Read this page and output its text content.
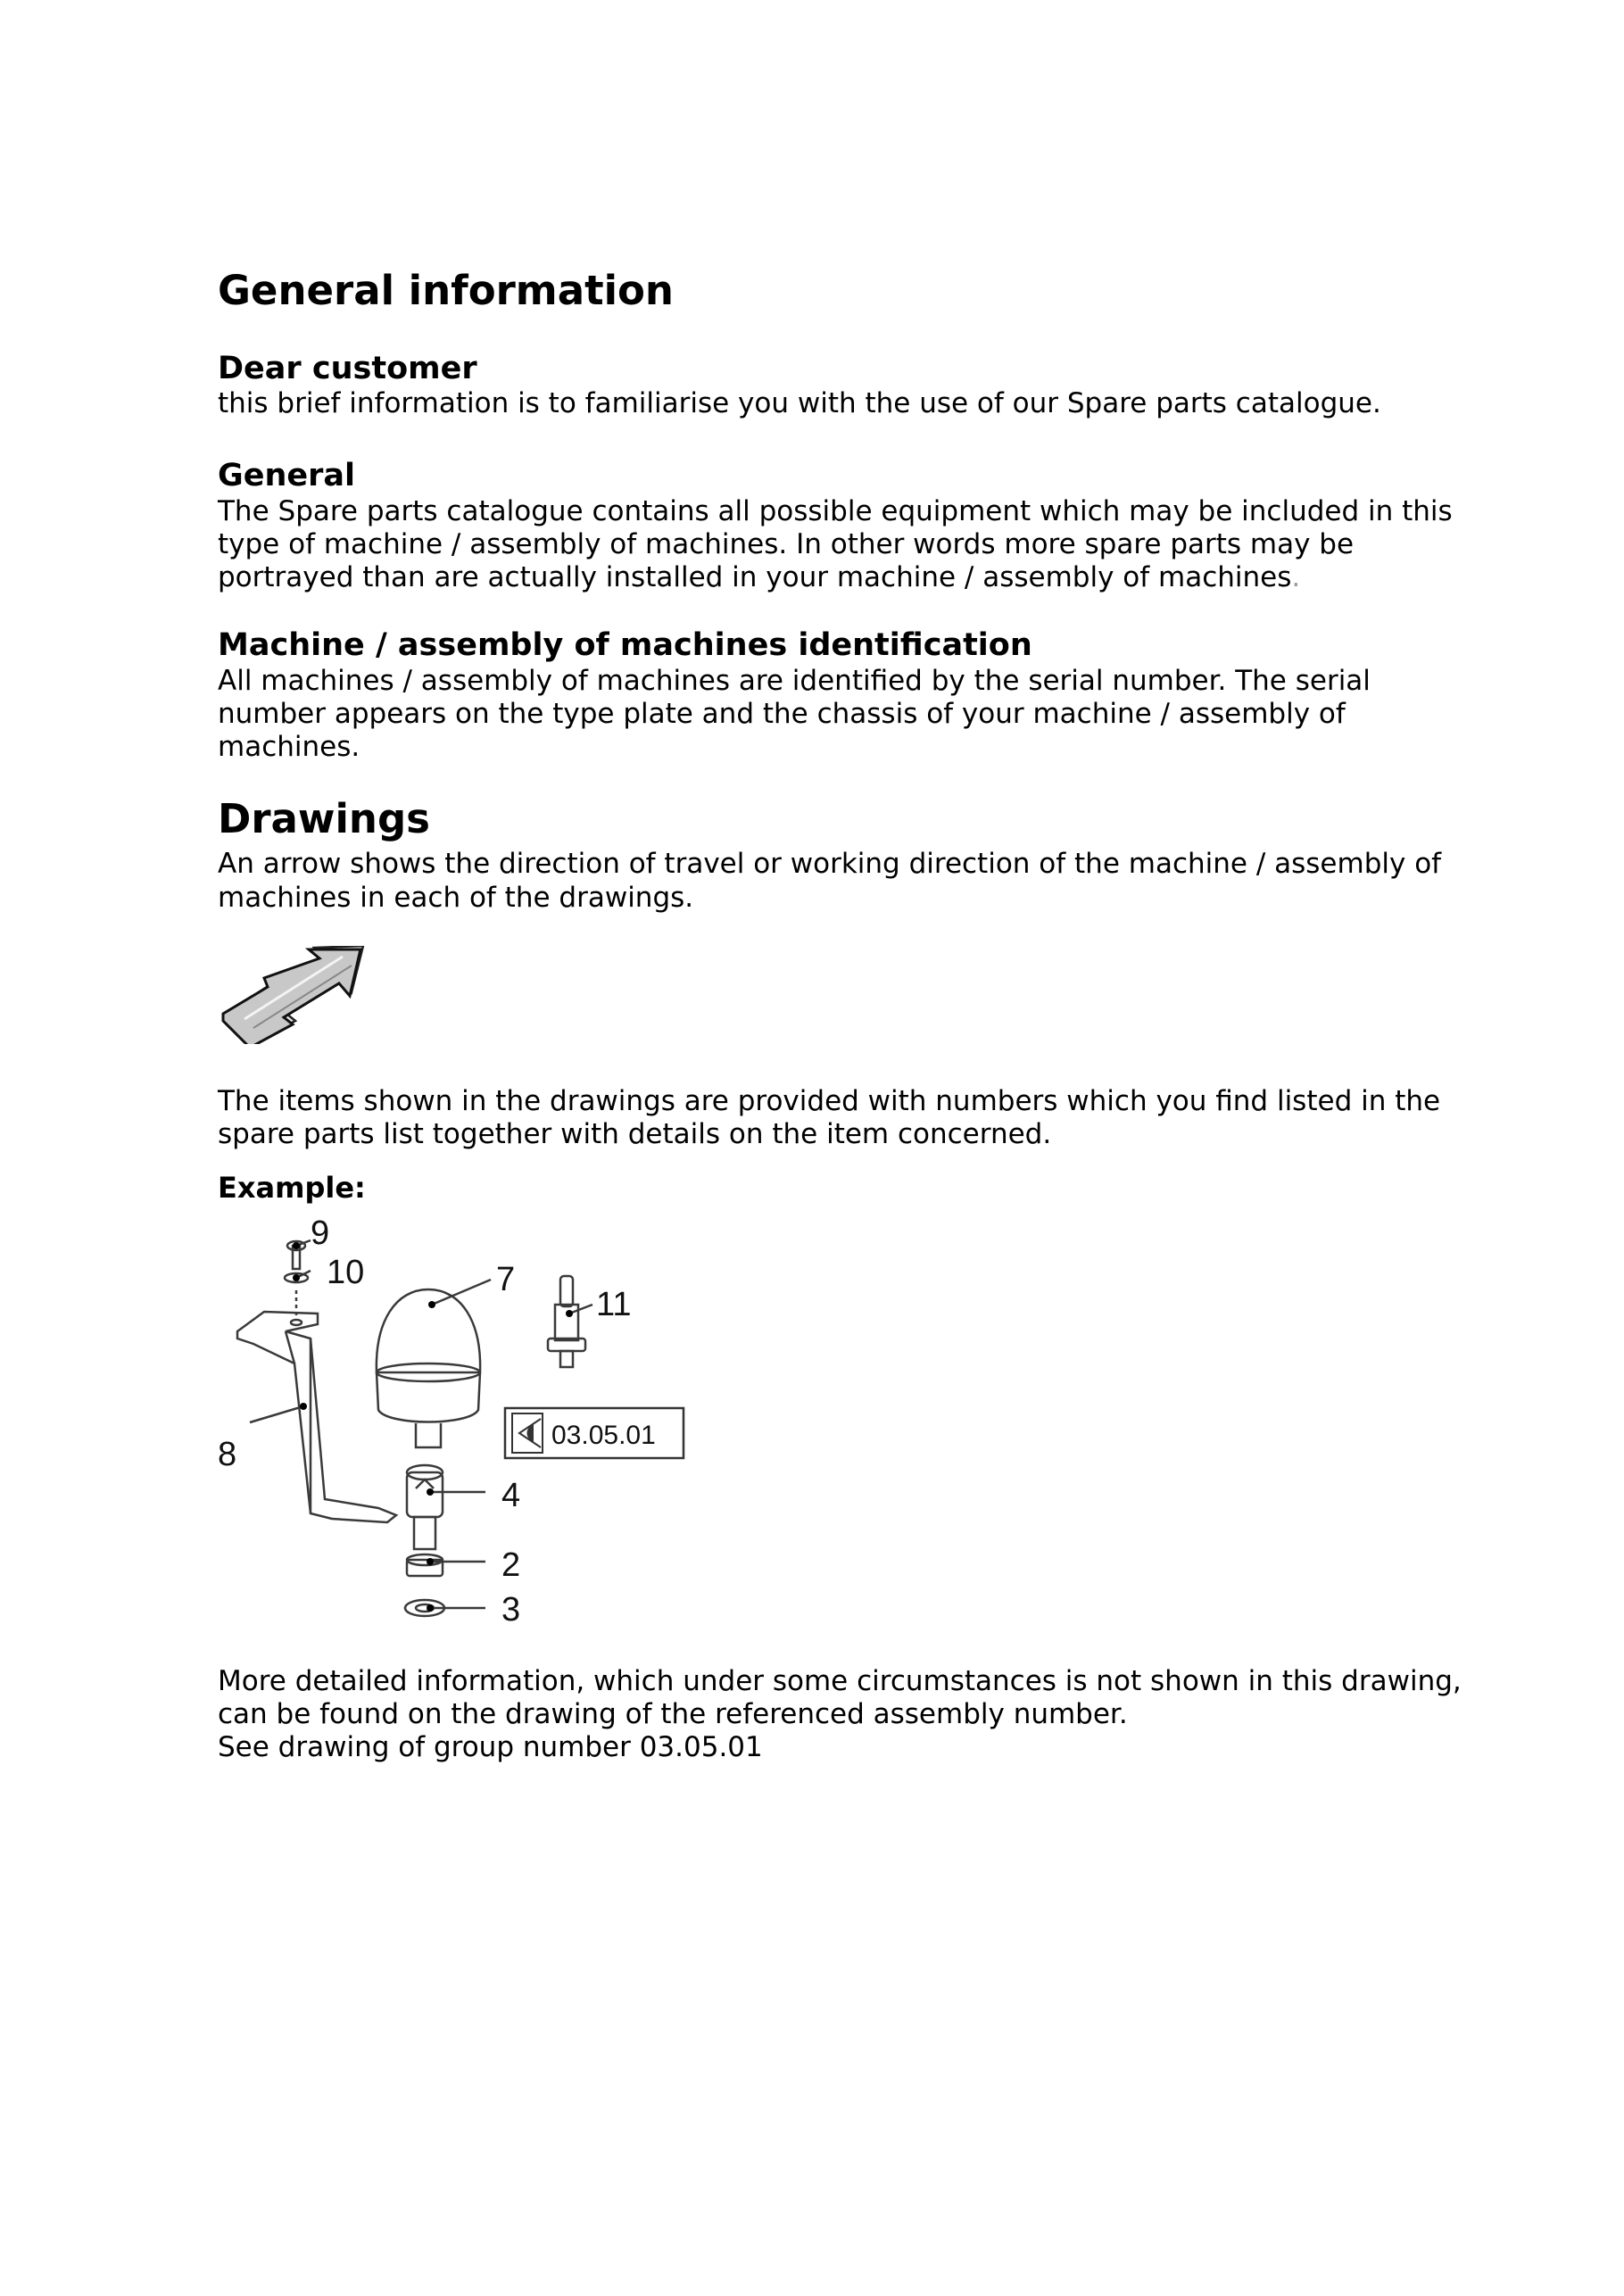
General information
Dear customer

this brief information is to familiarise you with the use of our Spare parts catalogue.

General

The Spare parts catalogue contains all possible equipment which may be included in this

type of machine / assembly of machines. In other words more spare parts may be

portrayed than are actually installed in your machine / assembly of machines.

Machine / assembly of machines identification

All machines / assembly of machines are identified by the serial number. The serial

number appears on the type plate and the chassis of your machine / assembly of

machines.

Drawings

An arrow shows the direction of travel or working direction of the machine / assembly of

machines in each of the drawings.

The items shown in the drawings are provided with numbers which you find listed in the

spare parts list together with details on the item concerned.

Example:
9
10	7
11
8
4
2
3
03.05.01

More detailed information, which under some circumstances is not shown in this drawing,

can be found on the drawing of the referenced assembly number.

See drawing of group number 03.05.01
